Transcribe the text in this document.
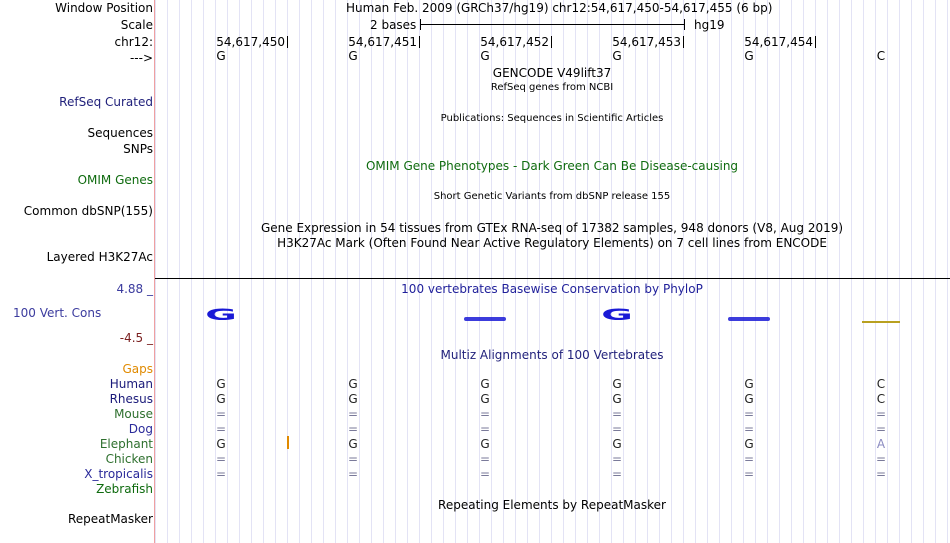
Window Position	Human Feb. 2009 (GRCh37/hg19) chr12:54,617,450-54,617,455 (6 bp)
Scale	2 bases	hg19
chr12:	54,617,450	54,617,451	54,617,452	54,617,453	54,617,454
--->	G	G	G	G	G	C
GENCODE V49lift37
RefSeq genes from NCBI
RefSeq Curated
Publications: Sequences in Scientific Articles
Sequences
SNPs
OMIM Gene Phenotypes - Dark Green Can Be Disease-causing
OMIM Genes
Short Genetic Variants from dbSNP release 155
Common dbSNP(155)
Gene Expression in 54 tissues from GTEx RNA-seq of 17382 samples, 948 donors (V8, Aug 2019)
H3K27Ac Mark (Often Found Near Active Regulatory Elements) on 7 cell lines from ENCODE
Layered H3K27Ac
4.88 _	100 vertebrates Basewise Conservation by PhyloP
100 Vert. Cons
-4.5 _
G	G
Multiz Alignments of 100 Vertebrates
Gaps
Human	G	G	G	G	G	C
Rhesus	G	G	G	G	G	C
Mouse	=	=	=	=	=	=
Dog	=	=	=	=	=	=
Elephant	G	G	G	G	G	A
Chicken	=	=	=	=	=	=
X_tropicalis	=	=	=	=	=	=
Zebrafish
Repeating Elements by RepeatMasker
RepeatMasker
